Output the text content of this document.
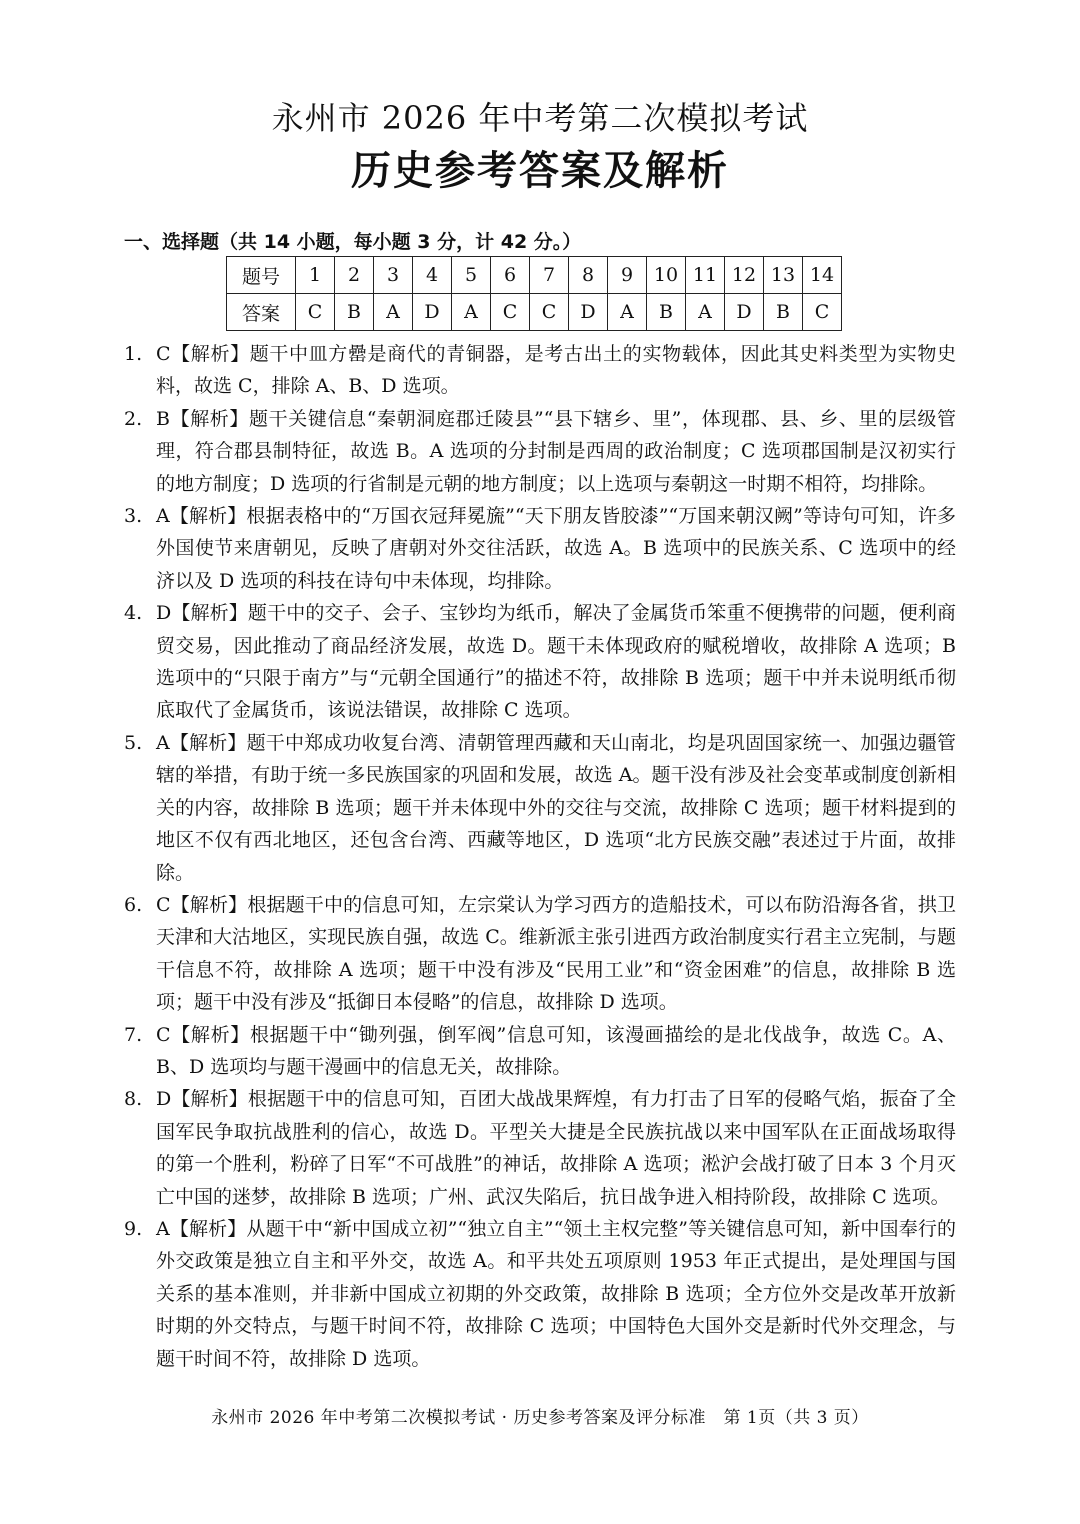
永州市 2026 年中考第二次模拟考试
历史参考答案及解析
一、选择题（共 14 小题，每小题 3 分，计 42 分。）
题号	1	2	3	4	5	6	7	8	9	10	11	12	13	14
答案	C	B	A	D	A	C	C	D	A	B	A	D	B	C
1. C【解析】题干中皿方罍是商代的青铜器，是考古出土的实物载体，因此其史料类型为实物史料，故选 C，排除 A、B、D 选项。
2. B【解析】题干关键信息“秦朝洞庭郡迁陵县”“县下辖乡、里”，体现郡、县、乡、里的层级管理，符合郡县制特征，故选 B。A 选项的分封制是西周的政治制度；C 选项郡国制是汉初实行的地方制度；D 选项的行省制是元朝的地方制度；以上选项与秦朝这一时期不相符，均排除。
3. A【解析】根据表格中的“万国衣冠拜冕旒”“天下朋友皆胶漆”“万国来朝汉阙”等诗句可知，许多外国使节来唐朝见，反映了唐朝对外交往活跃，故选 A。B 选项中的民族关系、C 选项中的经济以及 D 选项的科技在诗句中未体现，均排除。
4. D【解析】题干中的交子、会子、宝钞均为纸币，解决了金属货币笨重不便携带的问题，便利商贸交易，因此推动了商品经济发展，故选 D。题干未体现政府的赋税增收，故排除 A 选项；B 选项中的“只限于南方”与“元朝全国通行”的描述不符，故排除 B 选项；题干中并未说明纸币彻底取代了金属货币，该说法错误，故排除 C 选项。
5. A【解析】题干中郑成功收复台湾、清朝管理西藏和天山南北，均是巩固国家统一、加强边疆管辖的举措，有助于统一多民族国家的巩固和发展，故选 A。题干没有涉及社会变革或制度创新相关的内容，故排除 B 选项；题干并未体现中外的交往与交流，故排除 C 选项；题干材料提到的地区不仅有西北地区，还包含台湾、西藏等地区，D 选项“北方民族交融”表述过于片面，故排除。
6. C【解析】根据题干中的信息可知，左宗棠认为学习西方的造船技术，可以布防沿海各省，拱卫天津和大沽地区，实现民族自强，故选 C。维新派主张引进西方政治制度实行君主立宪制，与题干信息不符，故排除 A 选项；题干中没有涉及“民用工业”和“资金困难”的信息，故排除 B 选项；题干中没有涉及“抵御日本侵略”的信息，故排除 D 选项。
7. C【解析】根据题干中“锄列强，倒军阀”信息可知，该漫画描绘的是北伐战争，故选 C。A、B、D 选项均与题干漫画中的信息无关，故排除。
8. D【解析】根据题干中的信息可知，百团大战战果辉煌，有力打击了日军的侵略气焰，振奋了全国军民争取抗战胜利的信心，故选 D。平型关大捷是全民族抗战以来中国军队在正面战场取得的第一个胜利，粉碎了日军“不可战胜”的神话，故排除 A 选项；淞沪会战打破了日本 3 个月灭亡中国的迷梦，故排除 B 选项；广州、武汉失陷后，抗日战争进入相持阶段，故排除 C 选项。
9. A【解析】从题干中“新中国成立初”“独立自主”“领土主权完整”等关键信息可知，新中国奉行的外交政策是独立自主和平外交，故选 A。和平共处五项原则 1953 年正式提出，是处理国与国关系的基本准则，并非新中国成立初期的外交政策，故排除 B 选项；全方位外交是改革开放新时期的外交特点，与题干时间不符，故排除 C 选项；中国特色大国外交是新时代外交理念，与题干时间不符，故排除 D 选项。
永州市 2026 年中考第二次模拟考试 · 历史参考答案及评分标准　第 1页（共 3 页）
